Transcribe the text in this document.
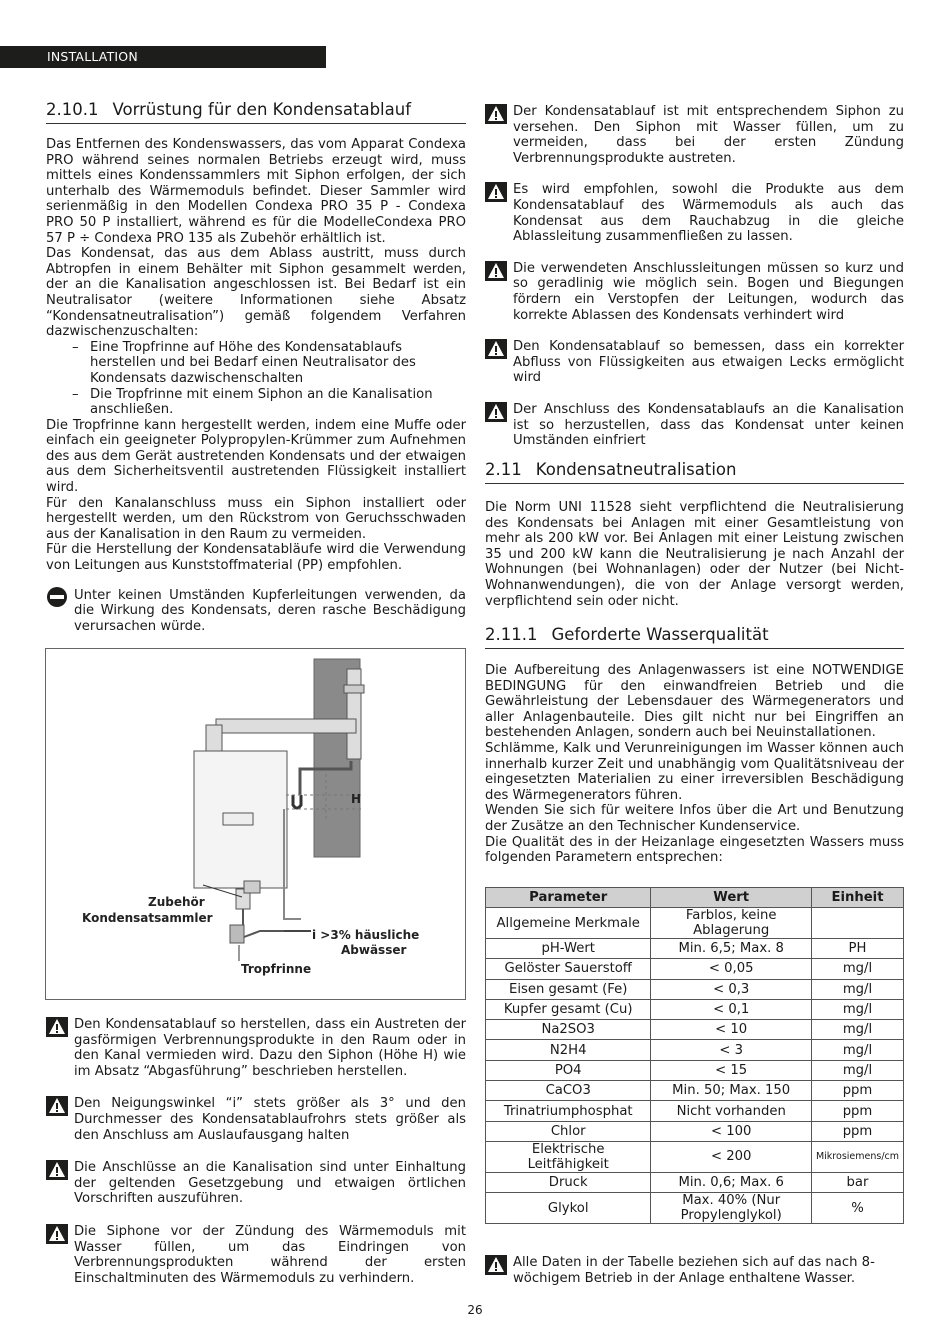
INSTALLATION
2.10.1 Vorrüstung für den Kondensatablauf

Das Entfernen des Kondenswassers, das vom Apparat Condexa PRO während seines normalen Betriebs erzeugt wird, muss mittels eines Kondenssammlers mit Siphon erfolgen, der sich unterhalb des Wärmemoduls befindet. Dieser Sammler wird serienmäßig in den Modellen Condexa PRO 35 P - Condexa PRO 50 P installiert, während es für die ModelleCondexa PRO 57 P ÷ Condexa PRO 135 als Zubehör erhältlich ist.

Das Kondensat, das aus dem Ablass austritt, muss durch Abtropfen in einem Behälter mit Siphon gesammelt werden, der an die Kanalisation angeschlossen ist. Bei Bedarf ist ein Neutralisator (weitere Informationen siehe Absatz “Kondensatneutralisation”) gemäß folgendem Verfahren dazwischenzuschalten:

– Eine Tropfrinne auf Höhe des Kondensatablaufs herstellen und bei Bedarf einen Neutralisator des Kondensats dazwischenschalten
– Die Tropfrinne mit einem Siphon an die Kanalisation anschließen.

Die Tropfrinne kann hergestellt werden, indem eine Muffe oder einfach ein geeigneter Polypropylen-Krümmer zum Aufnehmen des aus dem Gerät austretenden Kondensats und der etwaigen aus dem Sicherheitsventil austretenden Flüssigkeit installiert wird.

Für den Kanalanschluss muss ein Siphon installiert oder hergestellt werden, um den Rückstrom von Geruchsschwaden aus der Kanalisation in den Raum zu vermeiden.

Für die Herstellung der Kondensatabläufe wird die Verwendung von Leitungen aus Kunststoffmaterial (PP) empfohlen.

Unter keinen Umständen Kupferleitungen verwenden, da die Wirkung des Kondensats, deren rasche Beschädigung verursachen würde.
Zubehör
Kondensatsammler
H
i >3% häusliche
Abwässer
Tropfrinne
Den Kondensatablauf so herstellen, dass ein Austreten der gasförmigen Verbrennungsprodukte in den Raum oder in den Kanal vermieden wird. Dazu den Siphon (Höhe H) wie im Absatz “Abgasführung” beschrieben herstellen.
Den Neigungswinkel “i” stets größer als 3° und den Durchmesser des Kondensatablaufrohrs stets größer als den Anschluss am Auslaufausgang halten
Die Anschlüsse an die Kanalisation sind unter Einhaltung der geltenden Gesetzgebung und etwaigen örtlichen Vorschriften auszuführen.
Die Siphone vor der Zündung des Wärmemoduls mit Wasser füllen, um das Eindringen von Verbrennungsprodukten während der ersten Einschaltminuten des Wärmemoduls zu verhindern.
Der Kondensatablauf ist mit entsprechendem Siphon zu versehen. Den Siphon mit Wasser füllen, um zu vermeiden, dass bei der ersten Zündung Verbrennungsprodukte austreten.
Es wird empfohlen, sowohl die Produkte aus dem Kondensatablauf des Wärmemoduls als auch das Kondensat aus dem Rauchabzug in die gleiche Ablassleitung zusammenfließen zu lassen.
Die verwendeten Anschlussleitungen müssen so kurz und so geradlinig wie möglich sein. Bogen und Biegungen fördern ein Verstopfen der Leitungen, wodurch das korrekte Ablassen des Kondensats verhindert wird
Den Kondensatablauf so bemessen, dass ein korrekter Abfluss von Flüssigkeiten aus etwaigen Lecks ermöglicht wird
Der Anschluss des Kondensatablaufs an die Kanalisation ist so herzustellen, dass das Kondensat unter keinen Umständen einfriert
2.11 Kondensatneutralisation

Die Norm UNI 11528 sieht verpflichtend die Neutralisierung des Kondensats bei Anlagen mit einer Gesamtleistung von mehr als 200 kW vor. Bei Anlagen mit einer Leistung zwischen 35 und 200 kW kann die Neutralisierung je nach Anzahl der Wohnungen (bei Wohnanlagen) oder der Nutzer (bei Nicht-Wohnanwendungen), die von der Anlage versorgt werden, verpflichtend sein oder nicht.

2.11.1 Geforderte Wasserqualität

Die Aufbereitung des Anlagenwassers ist eine NOTWENDIGE BEDINGUNG für den einwandfreien Betrieb und die Gewährleistung der Lebensdauer des Wärmegenerators und aller Anlagenbauteile. Dies gilt nicht nur bei Eingriffen an bestehenden Anlagen, sondern auch bei Neuinstallationen.

Schlämme, Kalk und Verunreinigungen im Wasser können auch innerhalb kurzer Zeit und unabhängig vom Qualitätsniveau der eingesetzten Materialien zu einer irreversiblen Beschädigung des Wärmegenerators führen.

Wenden Sie sich für weitere Infos über die Art und Benutzung der Zusätze an den Technischer Kundenservice.

Die Qualität des in der Heizanlage eingesetzten Wassers muss folgenden Parametern entsprechen:

Parameter	Wert	Einheit
Allgemeine Merkmale	Farblos, keine Ablagerung	
pH-Wert	Min. 6,5; Max. 8	PH
Gelöster Sauerstoff	< 0,05	mg/l
Eisen gesamt (Fe)	< 0,3	mg/l
Kupfer gesamt (Cu)	< 0,1	mg/l
Na2SO3	< 10	mg/l
N2H4	< 3	mg/l
PO4	< 15	mg/l
CaCO3	Min. 50; Max. 150	ppm
Trinatriumphosphat	Nicht vorhanden	ppm
Chlor	< 100	ppm
Elektrische Leitfähigkeit	< 200	Mikrosiemens/cm
Druck	Min. 0,6; Max. 6	bar
Glykol	Max. 40% (Nur Propylenglykol)	%
Alle Daten in der Tabelle beziehen sich auf das nach 8-wöchigem Betrieb in der Anlage enthaltene Wasser.
26
